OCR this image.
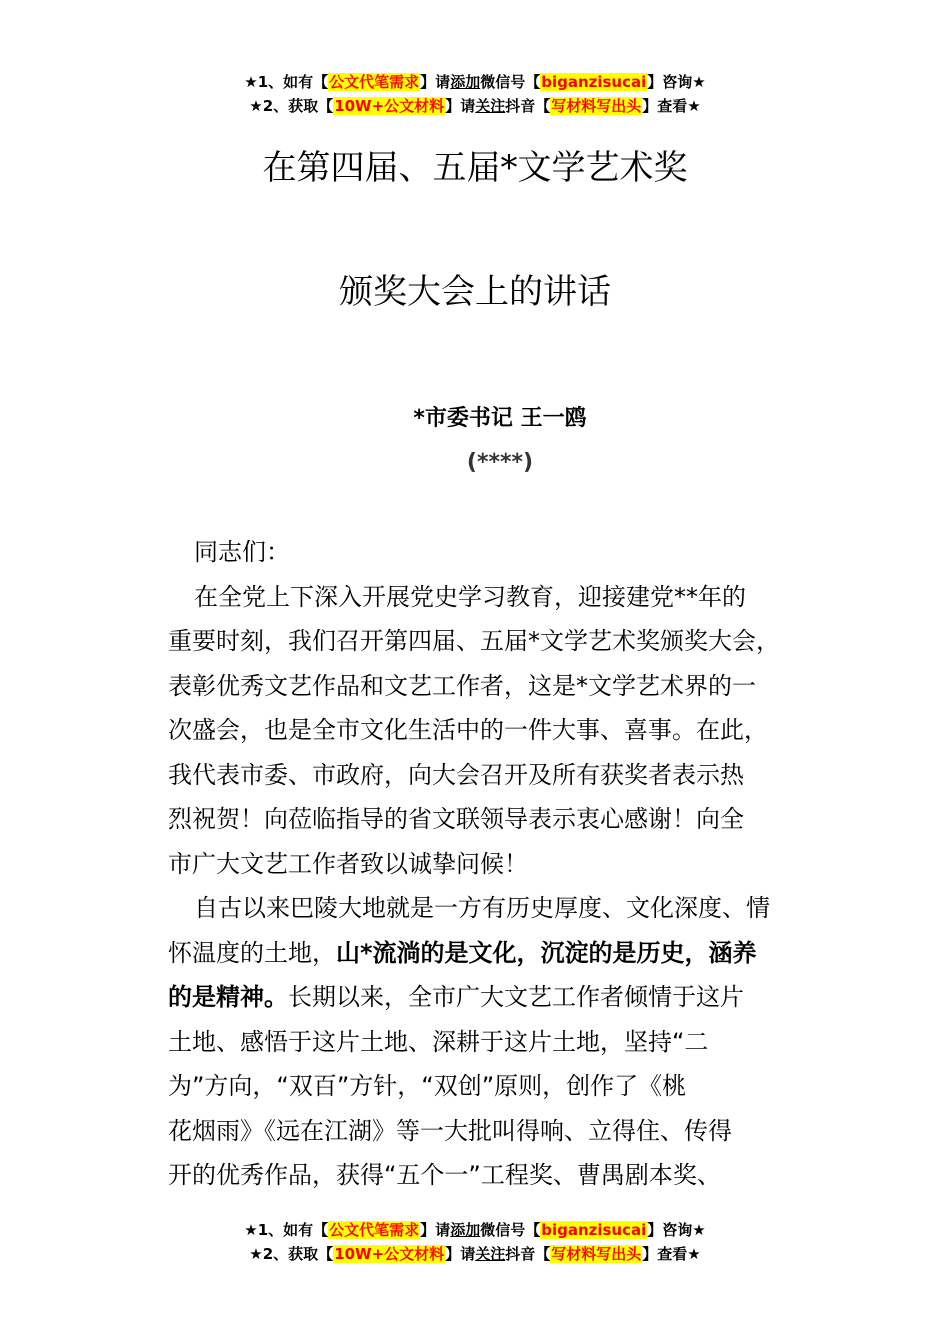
★1、如有【公文代笔需求】请添加微信号【biganzisucai】咨询★
★2、获取【10W+公文材料】请关注抖音【写材料写出头】查看★
在第四届、五届*文学艺术奖
颁奖大会上的讲话
*市委书记 王一鸥
(****)

同志们：

在全党上下深入开展党史学习教育，迎接建党**年的

重要时刻，我们召开第四届、五届*文学艺术奖颁奖大会，

表彰优秀文艺作品和文艺工作者，这是*文学艺术界的一

次盛会，也是全市文化生活中的一件大事、喜事。在此，

我代表市委、市政府，向大会召开及所有获奖者表示热

烈祝贺！向莅临指导的省文联领导表示衷心感谢！向全

市广大文艺工作者致以诚挚问候！

自古以来巴陵大地就是一方有历史厚度、文化深度、情

怀温度的土地，山*流淌的是文化，沉淀的是历史，涵养

的是精神。长期以来，全市广大文艺工作者倾情于这片

土地、感悟于这片土地、深耕于这片土地，坚持“二

为”方向，“双百”方针，“双创”原则，创作了《桃

花烟雨》《远在江湖》等一大批叫得响、立得住、传得

开的优秀作品，获得“五个一”工程奖、曹禺剧本奖、

★1、如有【公文代笔需求】请添加微信号【biganzisucai】咨询★
★2、获取【10W+公文材料】请关注抖音【写材料写出头】查看★
